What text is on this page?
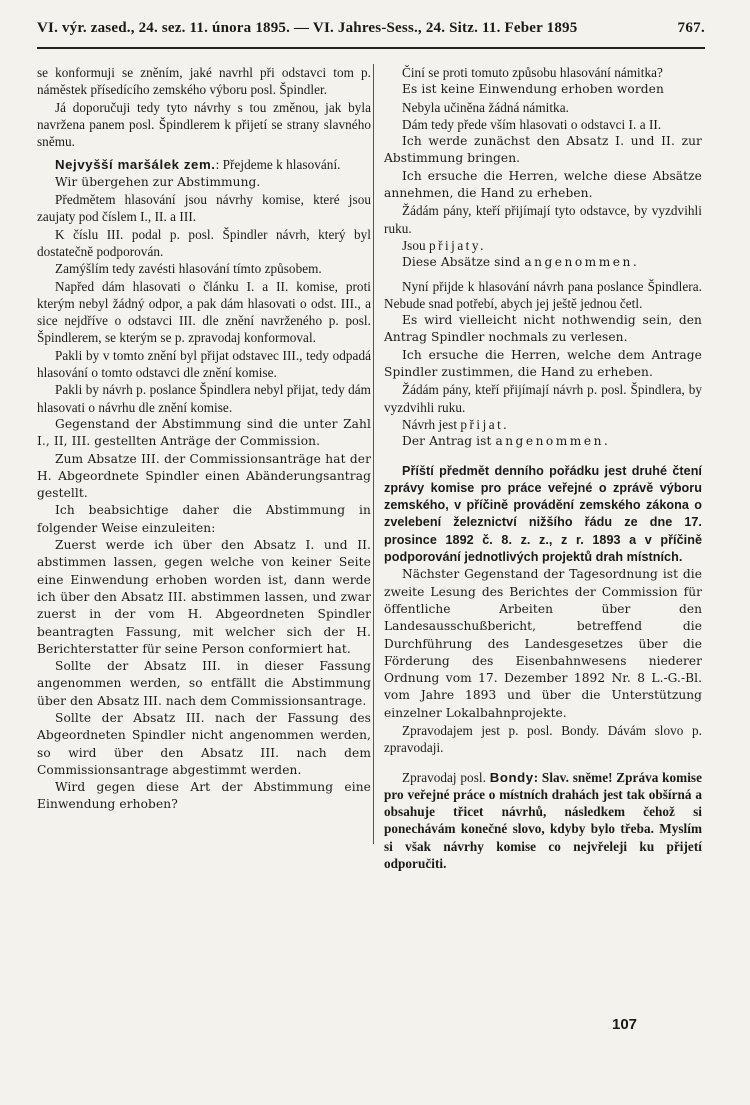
VI. výr. zased., 24. sez. 11. února 1895. — VI. Jahres-Sess., 24. Sitz. 11. Feber 1895	767.

se konformuji se zněním, jaké navrhl při odstavci tom p. náměstek přísedícího zemského výboru posl. Špindler.

Já doporučuji tedy tyto návrhy s tou změnou, jak byla navržena panem posl. Špindlerem k přijetí se strany slavného sněmu.

Nejvyšší maršálek zem.: Přejdeme k hlasování.

Wir übergehen zur Abstimmung.

Předmětem hlasování jsou návrhy komise, které jsou zaujaty pod číslem I., II. a III.

K číslu III. podal p. posl. Špindler návrh, který byl dostatečně podporován.

Zamýšlím tedy zavésti hlasování tímto způsobem.

Napřed dám hlasovati o článku I. a II. komise, proti kterým nebyl žádný odpor, a pak dám hlasovati o odst. III., a sice nejdříve o odstavci III. dle znění navrženého p. posl. Špindlerem, se kterým se p. zpravodaj konformoval.

Pakli by v tomto znění byl přijat odstavec III., tedy odpadá hlasování o tomto odstavci dle znění komise.

Pakli by návrh p. poslance Špindlera nebyl přijat, tedy dám hlasovati o návrhu dle znění komise.

Gegenstand der Abstimmung sind die unter Zahl I., II, III. gestellten Anträge der Commission.

Zum Absatze III. der Commissionsanträge hat der H. Abgeordnete Spindler einen Abänderungsantrag gestellt.

Ich beabsichtige daher die Abstimmung in folgender Weise einzuleiten:

Zuerst werde ich über den Absatz I. und II. abstimmen lassen, gegen welche von keiner Seite eine Einwendung erhoben worden ist, dann werde ich über den Absatz III. abstimmen lassen, und zwar zuerst in der vom H. Abgeordneten Spindler beantragten Fassung, mit welcher sich der H. Berichterstatter für seine Person conformiert hat.

Sollte der Absatz III. in dieser Fassung angenommen werden, so entfällt die Abstimmung über den Absatz III. nach dem Commissionsantrage.

Sollte der Absatz III. nach der Fassung des Abgeordneten Spindler nicht angenommen werden, so wird über den Absatz III. nach dem Commissionsantrage abgestimmt werden.

Wird gegen diese Art der Abstimmung eine Einwendung erhoben?

Činí se proti tomuto způsobu hlasování námitka?

Es ist keine Einwendung erhoben worden

Nebyla učiněna žádná námitka.

Dám tedy přede vším hlasovati o odstavci I. a II.

Ich werde zunächst den Absatz I. und II. zur Abstimmung bringen.

Ich ersuche die Herren, welche diese Absätze annehmen, die Hand zu erheben.

Žádám pány, kteří přijímají tyto odstavce, by vyzdvihli ruku.

Jsou přijaty.

Diese Absätze sind angenommen.

Nyní přijde k hlasování návrh pana poslance Špindlera. Nebude snad potřebí, abych jej ještě jednou četl.

Es wird vielleicht nicht nothwendig sein, den Antrag Spindler nochmals zu verlesen.

Ich ersuche die Herren, welche dem Antrage Spindler zustimmen, die Hand zu erheben.

Žádám pány, kteří přijímají návrh p. posl. Špindlera, by vyzdvihli ruku.

Návrh jest přijat.

Der Antrag ist angenommen.

Příští předmět denního pořádku jest druhé čtení zprávy komise pro práce veřejné o zprávě výboru zemského, v příčině provádění zemského zákona o zvelebení železnictví nižšího řádu ze dne 17. prosince 1892 č. 8. z. z., z r. 1893 a v příčině podporování jednotlivých projektů drah místních.

Nächster Gegenstand der Tagesordnung ist die zweite Lesung des Berichtes der Commission für öffentliche Arbeiten über den Landesausschußbericht, betreffend die Durchführung des Landesgesetzes über die Förderung des Eisenbahnwesens niederer Ordnung vom 17. Dezember 1892 Nr. 8 L.-G.-Bl. vom Jahre 1893 und über die Unterstützung einzelner Lokalbahnprojekte.

Zpravodajem jest p. posl. Bondy. Dávám slovo p. zpravodaji.

Zpravodaj posl. Bondy: Slav. sněme! Zpráva komise pro veřejné práce o místních drahách jest tak obšírná a obsahuje třicet návrhů, následkem čehož si ponechávám konečné slovo, kdyby bylo třeba. Myslím si však návrhy komise co nejvřeleji ku přijetí odporučiti.

107
